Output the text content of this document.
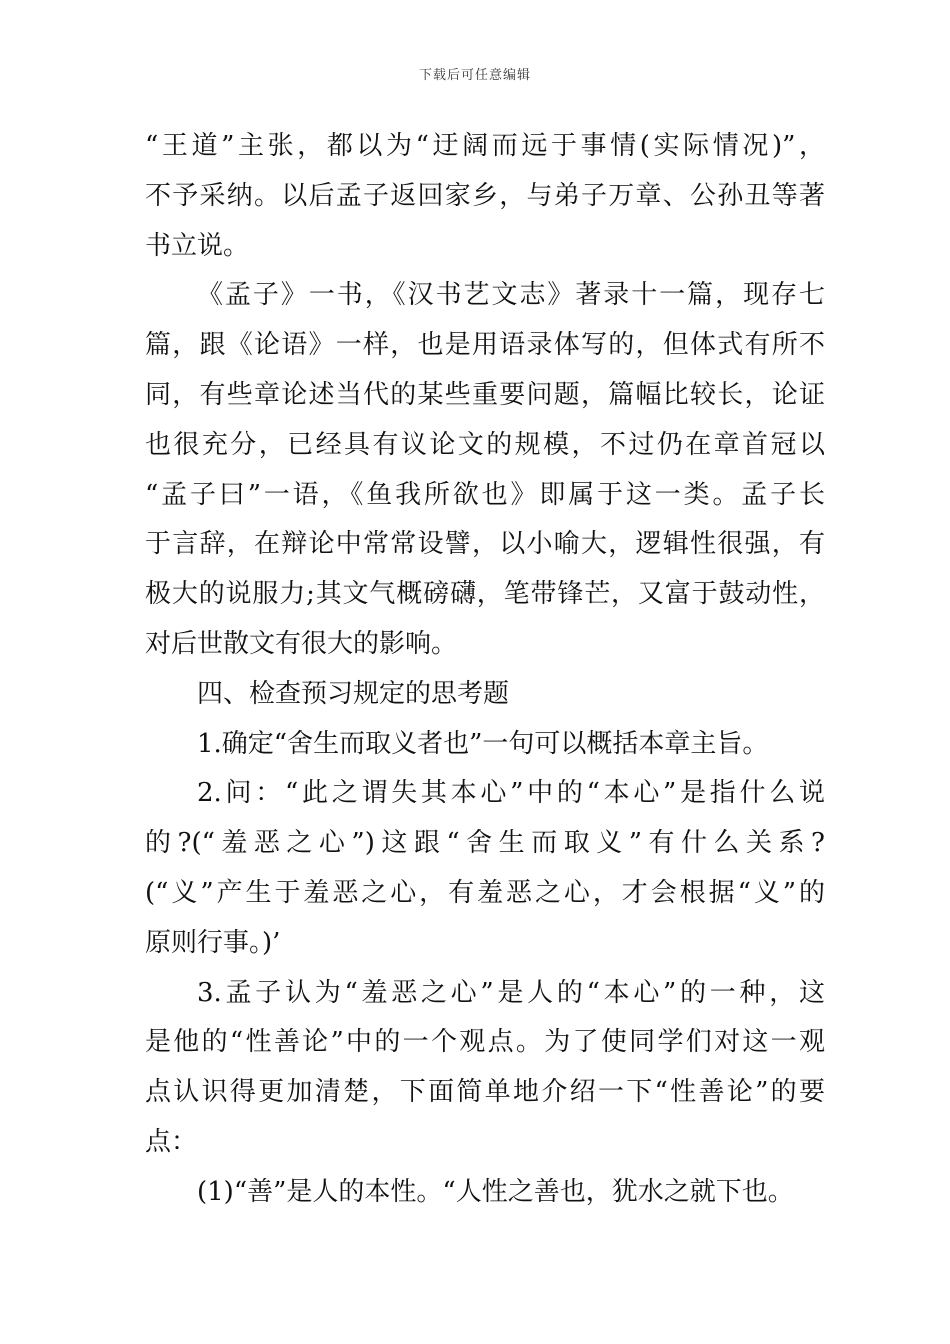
下载后可任意编辑
“王道”主张，都以为“迂阔而远于事情(实际情况)”，
不予采纳。以后孟子返回家乡，与弟子万章、公孙丑等著
书立说。
《孟子》一书，《汉书艺文志》著录十一篇，现存七
篇，跟《论语》一样，也是用语录体写的，但体式有所不
同，有些章论述当代的某些重要问题，篇幅比较长，论证
也很充分，已经具有议论文的规模，不过仍在章首冠以
“孟子曰”一语，《鱼我所欲也》即属于这一类。孟子长
于言辞，在辩论中常常设譬，以小喻大，逻辑性很强，有
极大的说服力;其文气概磅礴，笔带锋芒，又富于鼓动性，
对后世散文有很大的影响。
四、检查预习规定的思考题
1.确定“舍生而取义者也”一句可以概括本章主旨。
2.问：“此之谓失其本心”中的“本心”是指什么说
的?(“羞恶之心”)这跟“舍生而取义”有什么关系?
(“义”产生于羞恶之心，有羞恶之心，才会根据“义”的
原则行事。)’
3.孟子认为“羞恶之心”是人的“本心”的一种，这
是他的“性善论”中的一个观点。为了使同学们对这一观
点认识得更加清楚，下面简单地介绍一下“性善论”的要
点：
(1)“善”是人的本性。“人性之善也，犹水之就下也。
